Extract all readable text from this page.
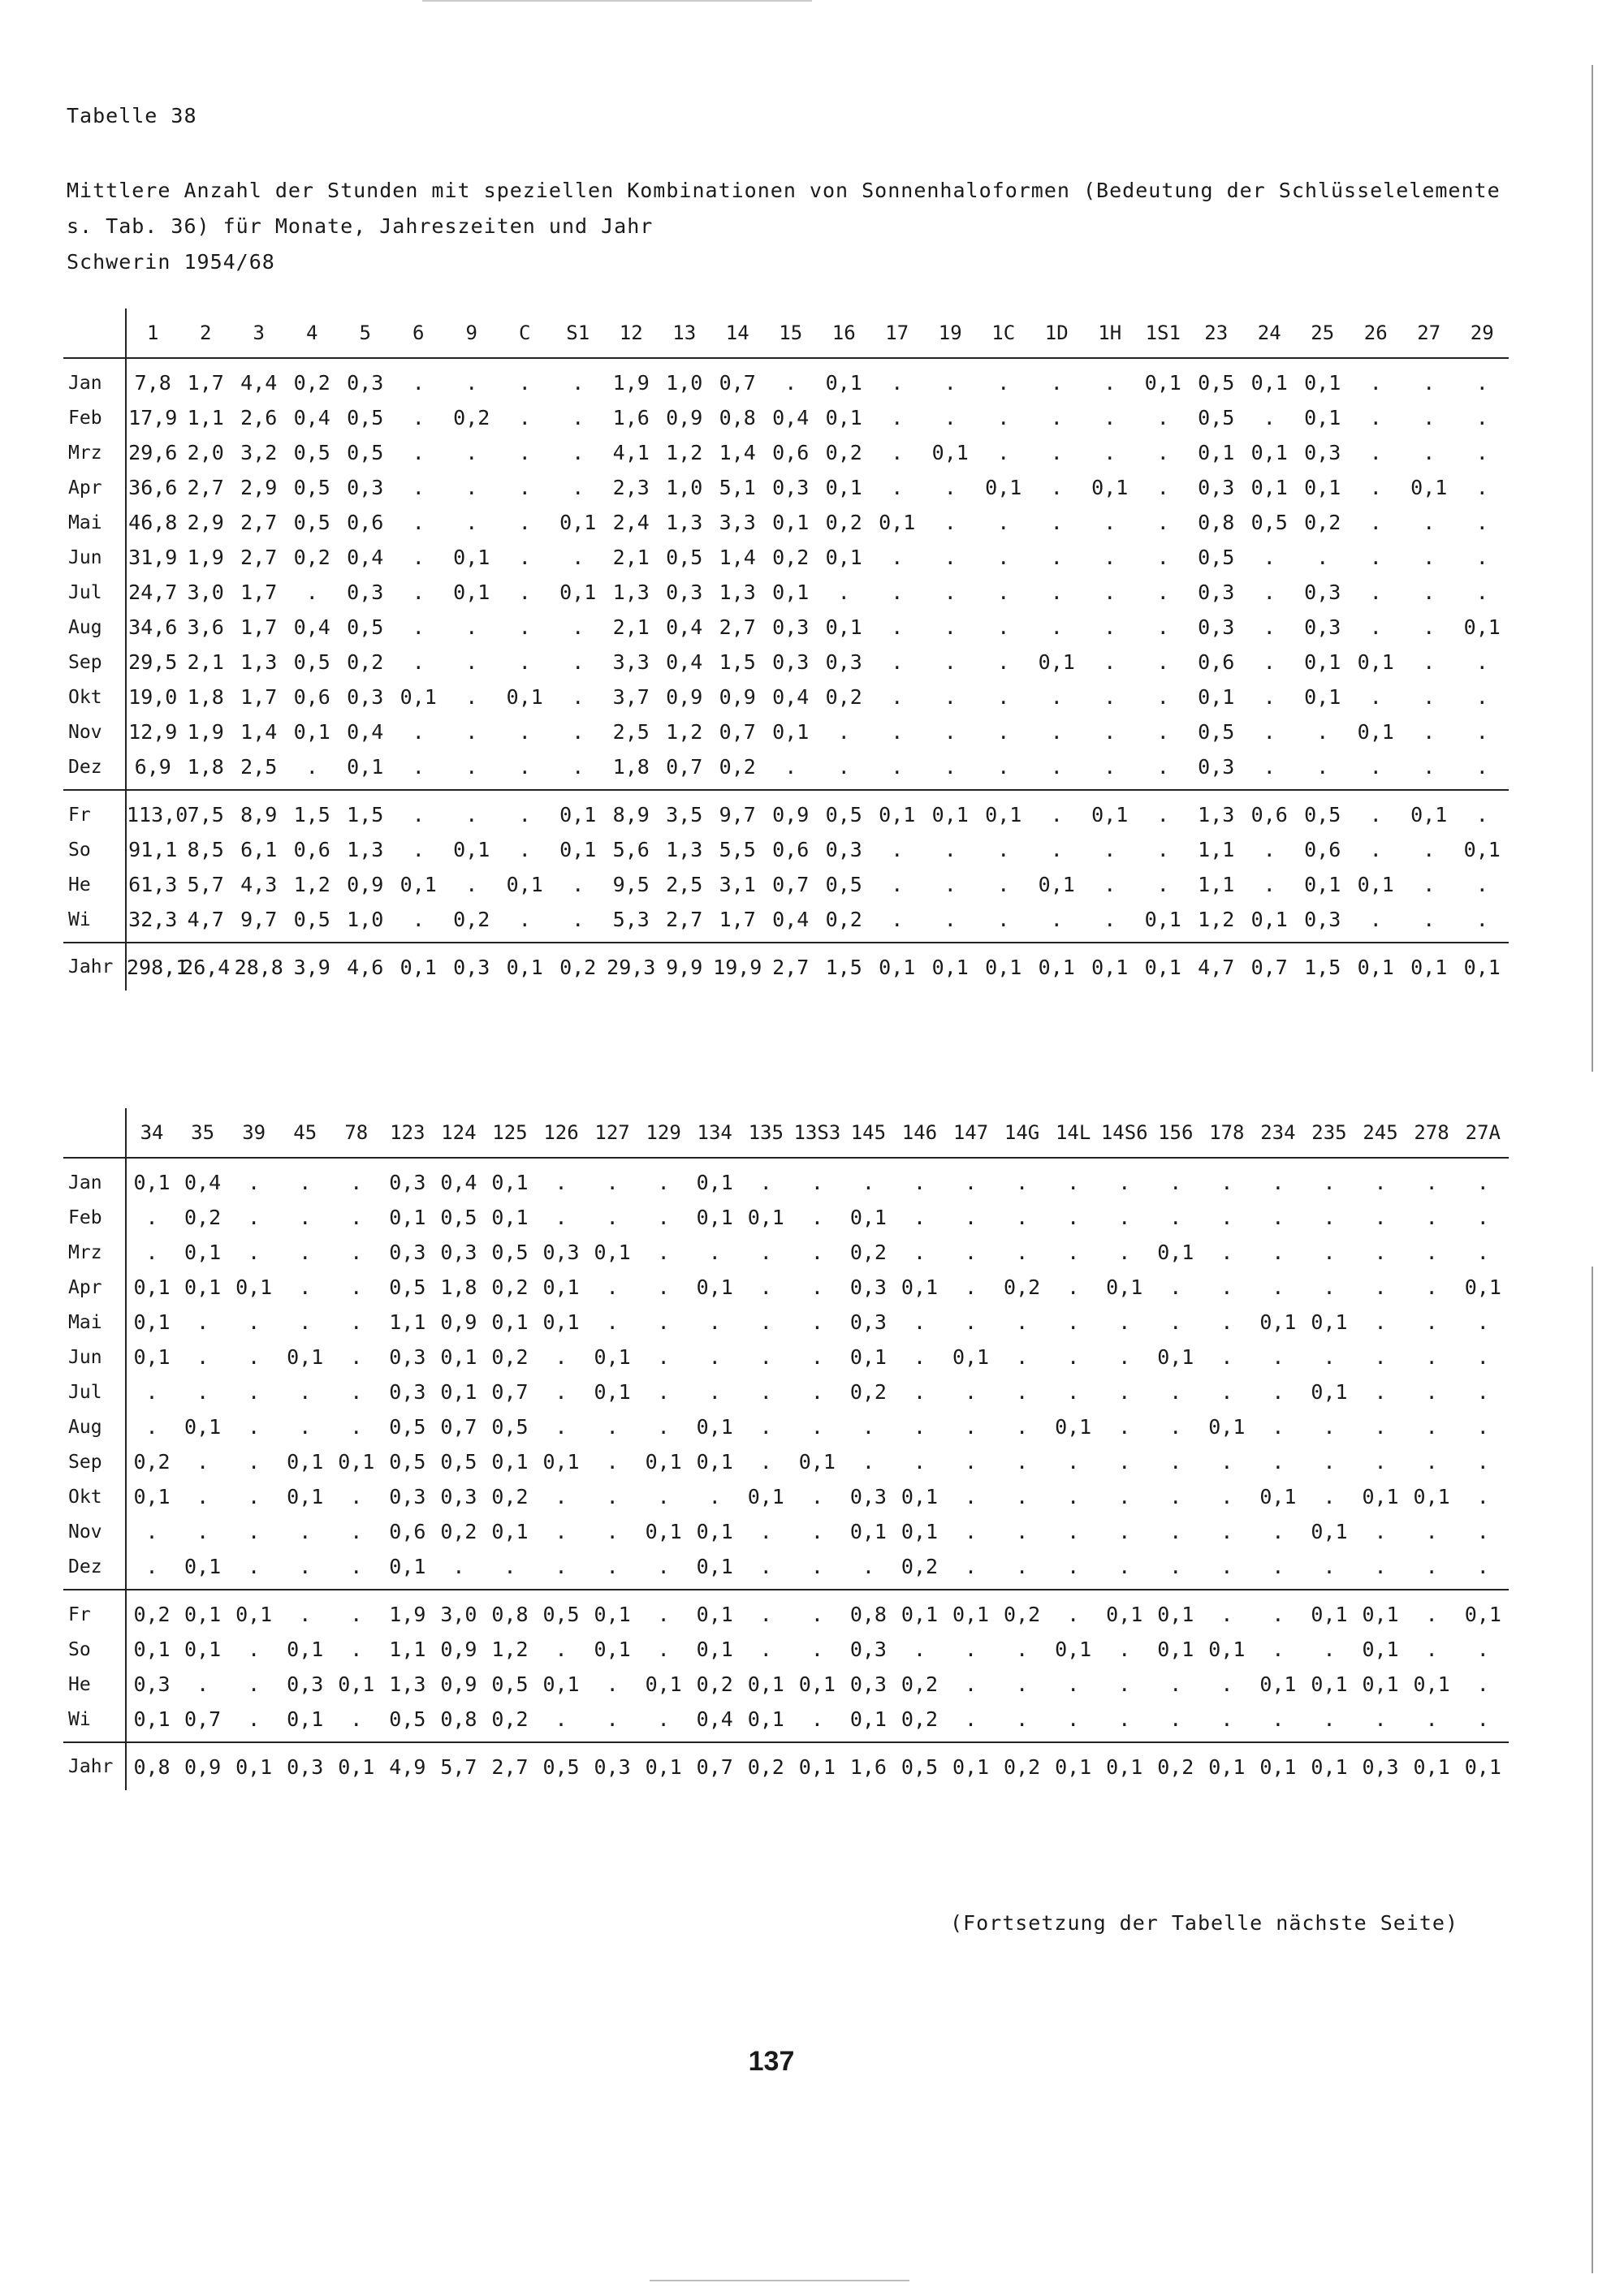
Tabelle 38
Mittlere Anzahl der Stunden mit speziellen Kombinationen von Sonnenhaloformen (Bedeutung der Schlüsselelemente
s. Tab. 36) für Monate, Jahreszeiten und Jahr
Schwerin 1954/68
	1	2	3	4	5	6	9	C	S1	12	13	14	15	16	17	19	1C	1D	1H	1S1	23	24	25	26	27	29
Jan	7,8	1,7	4,4	0,2	0,3	.	.	.	.	1,9	1,0	0,7	.	0,1	.	.	.	.	.	0,1	0,5	0,1	0,1	.	.	.
Feb	17,9	1,1	2,6	0,4	0,5	.	0,2	.	.	1,6	0,9	0,8	0,4	0,1	.	.	.	.	.	.	0,5	.	0,1	.	.	.
Mrz	29,6	2,0	3,2	0,5	0,5	.	.	.	.	4,1	1,2	1,4	0,6	0,2	.	0,1	.	.	.	.	0,1	0,1	0,3	.	.	.
Apr	36,6	2,7	2,9	0,5	0,3	.	.	.	.	2,3	1,0	5,1	0,3	0,1	.	.	0,1	.	0,1	.	0,3	0,1	0,1	.	0,1	.
Mai	46,8	2,9	2,7	0,5	0,6	.	.	.	0,1	2,4	1,3	3,3	0,1	0,2	0,1	.	.	.	.	.	0,8	0,5	0,2	.	.	.
Jun	31,9	1,9	2,7	0,2	0,4	.	0,1	.	.	2,1	0,5	1,4	0,2	0,1	.	.	.	.	.	.	0,5	.	.	.	.	.
Jul	24,7	3,0	1,7	.	0,3	.	0,1	.	0,1	1,3	0,3	1,3	0,1	.	.	.	.	.	.	.	0,3	.	0,3	.	.	.
Aug	34,6	3,6	1,7	0,4	0,5	.	.	.	.	2,1	0,4	2,7	0,3	0,1	.	.	.	.	.	.	0,3	.	0,3	.	.	0,1
Sep	29,5	2,1	1,3	0,5	0,2	.	.	.	.	3,3	0,4	1,5	0,3	0,3	.	.	.	0,1	.	.	0,6	.	0,1	0,1	.	.
Okt	19,0	1,8	1,7	0,6	0,3	0,1	.	0,1	.	3,7	0,9	0,9	0,4	0,2	.	.	.	.	.	.	0,1	.	0,1	.	.	.
Nov	12,9	1,9	1,4	0,1	0,4	.	.	.	.	2,5	1,2	0,7	0,1	.	.	.	.	.	.	.	0,5	.	.	0,1	.	.
Dez	6,9	1,8	2,5	.	0,1	.	.	.	.	1,8	0,7	0,2	.	.	.	.	.	.	.	.	0,3	.	.	.	.	.
Fr	113,0	7,5	8,9	1,5	1,5	.	.	.	0,1	8,9	3,5	9,7	0,9	0,5	0,1	0,1	0,1	.	0,1	.	1,3	0,6	0,5	.	0,1	.
So	91,1	8,5	6,1	0,6	1,3	.	0,1	.	0,1	5,6	1,3	5,5	0,6	0,3	.	.	.	.	.	.	1,1	.	0,6	.	.	0,1
He	61,3	5,7	4,3	1,2	0,9	0,1	.	0,1	.	9,5	2,5	3,1	0,7	0,5	.	.	.	0,1	.	.	1,1	.	0,1	0,1	.	.
Wi	32,3	4,7	9,7	0,5	1,0	.	0,2	.	.	5,3	2,7	1,7	0,4	0,2	.	.	.	.	.	0,1	1,2	0,1	0,3	.	.	.
Jahr	298,1	26,4	28,8	3,9	4,6	0,1	0,3	0,1	0,2	29,3	9,9	19,9	2,7	1,5	0,1	0,1	0,1	0,1	0,1	0,1	4,7	0,7	1,5	0,1	0,1	0,1
	34	35	39	45	78	123	124	125	126	127	129	134	135	13S3	145	146	147	14G	14L	14S6	156	178	234	235	245	278	27A
Jan	0,1	0,4	.	.	.	0,3	0,4	0,1	.	.	.	0,1	.	.	.	.	.	.	.	.	.	.	.	.	.	.	.
Feb	.	0,2	.	.	.	0,1	0,5	0,1	.	.	.	0,1	0,1	.	0,1	.	.	.	.	.	.	.	.	.	.	.	.
Mrz	.	0,1	.	.	.	0,3	0,3	0,5	0,3	0,1	.	.	.	.	0,2	.	.	.	.	.	0,1	.	.	.	.	.	.
Apr	0,1	0,1	0,1	.	.	0,5	1,8	0,2	0,1	.	.	0,1	.	.	0,3	0,1	.	0,2	.	0,1	.	.	.	.	.	.	0,1
Mai	0,1	.	.	.	.	1,1	0,9	0,1	0,1	.	.	.	.	.	0,3	.	.	.	.	.	.	.	0,1	0,1	.	.	.
Jun	0,1	.	.	0,1	.	0,3	0,1	0,2	.	0,1	.	.	.	.	0,1	.	0,1	.	.	.	0,1	.	.	.	.	.	.
Jul	.	.	.	.	.	0,3	0,1	0,7	.	0,1	.	.	.	.	0,2	.	.	.	.	.	.	.	.	0,1	.	.	.
Aug	.	0,1	.	.	.	0,5	0,7	0,5	.	.	.	0,1	.	.	.	.	.	.	0,1	.	.	0,1	.	.	.	.	.
Sep	0,2	.	.	0,1	0,1	0,5	0,5	0,1	0,1	.	0,1	0,1	.	0,1	.	.	.	.	.	.	.	.	.	.	.	.	.
Okt	0,1	.	.	0,1	.	0,3	0,3	0,2	.	.	.	.	0,1	.	0,3	0,1	.	.	.	.	.	.	0,1	.	0,1	0,1	.
Nov	.	.	.	.	.	0,6	0,2	0,1	.	.	0,1	0,1	.	.	0,1	0,1	.	.	.	.	.	.	.	0,1	.	.	.
Dez	.	0,1	.	.	.	0,1	.	.	.	.	.	0,1	.	.	.	0,2	.	.	.	.	.	.	.	.	.	.	.
Fr	0,2	0,1	0,1	.	.	1,9	3,0	0,8	0,5	0,1	.	0,1	.	.	0,8	0,1	0,1	0,2	.	0,1	0,1	.	.	0,1	0,1	.	0,1
So	0,1	0,1	.	0,1	.	1,1	0,9	1,2	.	0,1	.	0,1	.	.	0,3	.	.	.	0,1	.	0,1	0,1	.	.	0,1	.	.
He	0,3	.	.	0,3	0,1	1,3	0,9	0,5	0,1	.	0,1	0,2	0,1	0,1	0,3	0,2	.	.	.	.	.	.	0,1	0,1	0,1	0,1	.
Wi	0,1	0,7	.	0,1	.	0,5	0,8	0,2	.	.	.	0,4	0,1	.	0,1	0,2	.	.	.	.	.	.	.	.	.	.	.
Jahr	0,8	0,9	0,1	0,3	0,1	4,9	5,7	2,7	0,5	0,3	0,1	0,7	0,2	0,1	1,6	0,5	0,1	0,2	0,1	0,1	0,2	0,1	0,1	0,1	0,3	0,1	0,1
(Fortsetzung der Tabelle nächste Seite)
137
